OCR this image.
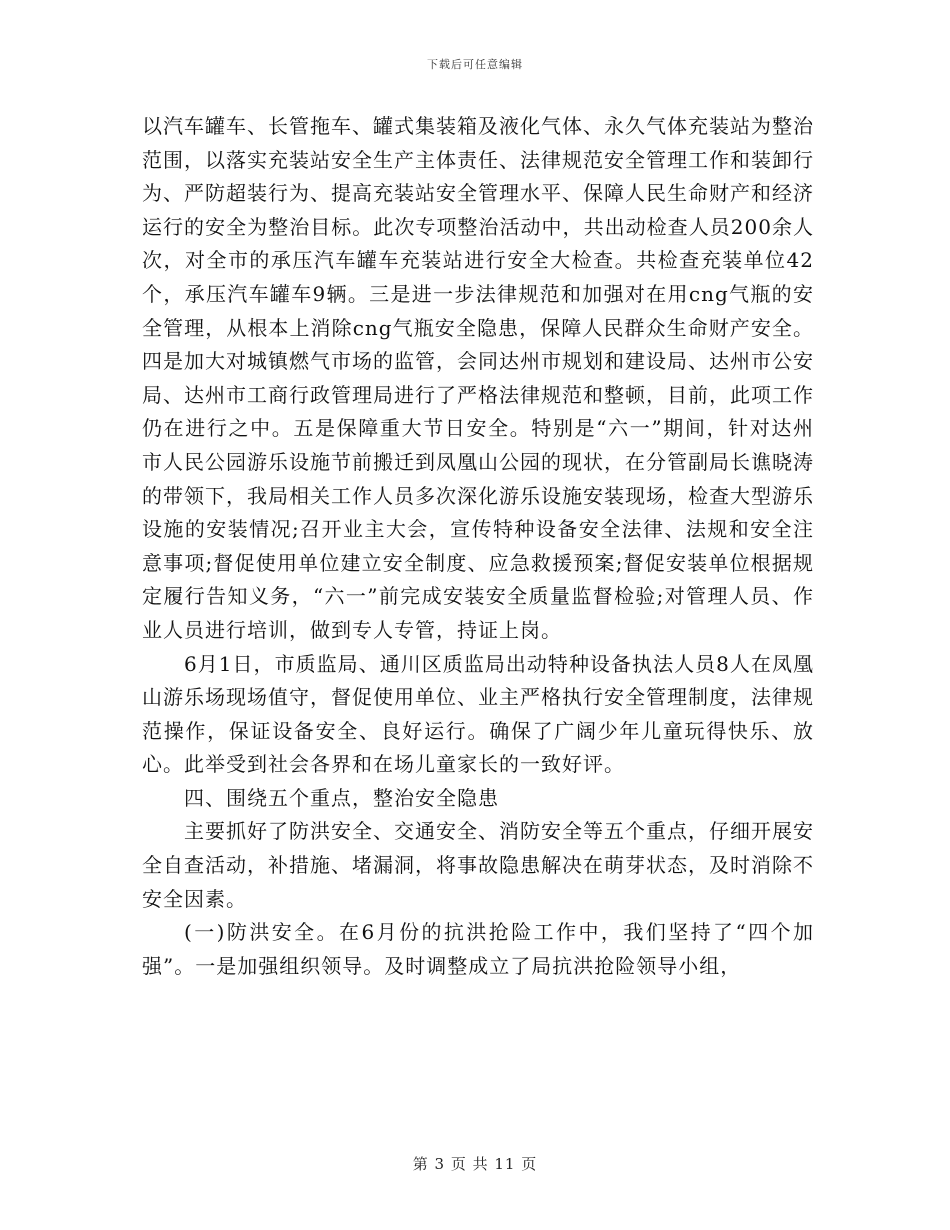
下载后可任意编辑

以汽车罐车、长管拖车、罐式集装箱及液化气体、永久气体充装站为整治范围，以落实充装站安全生产主体责任、法律规范安全管理工作和装卸行为、严防超装行为、提高充装站安全管理水平、保障人民生命财产和经济运行的安全为整治目标。此次专项整治活动中，共出动检查人员200余人次，对全市的承压汽车罐车充装站进行安全大检查。共检查充装单位42个，承压汽车罐车9辆。三是进一步法律规范和加强对在用cng气瓶的安全管理，从根本上消除cng气瓶安全隐患，保障人民群众生命财产安全。四是加大对城镇燃气市场的监管，会同达州市规划和建设局、达州市公安局、达州市工商行政管理局进行了严格法律规范和整顿，目前，此项工作仍在进行之中。五是保障重大节日安全。特别是“六一”期间，针对达州市人民公园游乐设施节前搬迁到凤凰山公园的现状，在分管副局长谯晓涛的带领下，我局相关工作人员多次深化游乐设施安装现场，检查大型游乐设施的安装情况;召开业主大会，宣传特种设备安全法律、法规和安全注意事项;督促使用单位建立安全制度、应急救援预案;督促安装单位根据规定履行告知义务，“六一”前完成安装安全质量监督检验;对管理人员、作业人员进行培训，做到专人专管，持证上岗。

6月1日，市质监局、通川区质监局出动特种设备执法人员8人在凤凰山游乐场现场值守，督促使用单位、业主严格执行安全管理制度，法律规范操作，保证设备安全、良好运行。确保了广阔少年儿童玩得快乐、放心。此举受到社会各界和在场儿童家长的一致好评。

四、围绕五个重点，整治安全隐患

主要抓好了防洪安全、交通安全、消防安全等五个重点，仔细开展安全自查活动，补措施、堵漏洞，将事故隐患解决在萌芽状态，及时消除不安全因素。

(一)防洪安全。在6月份的抗洪抢险工作中，我们坚持了“四个加强”。一是加强组织领导。及时调整成立了局抗洪抢险领导小组，

第 3 页 共 11 页
